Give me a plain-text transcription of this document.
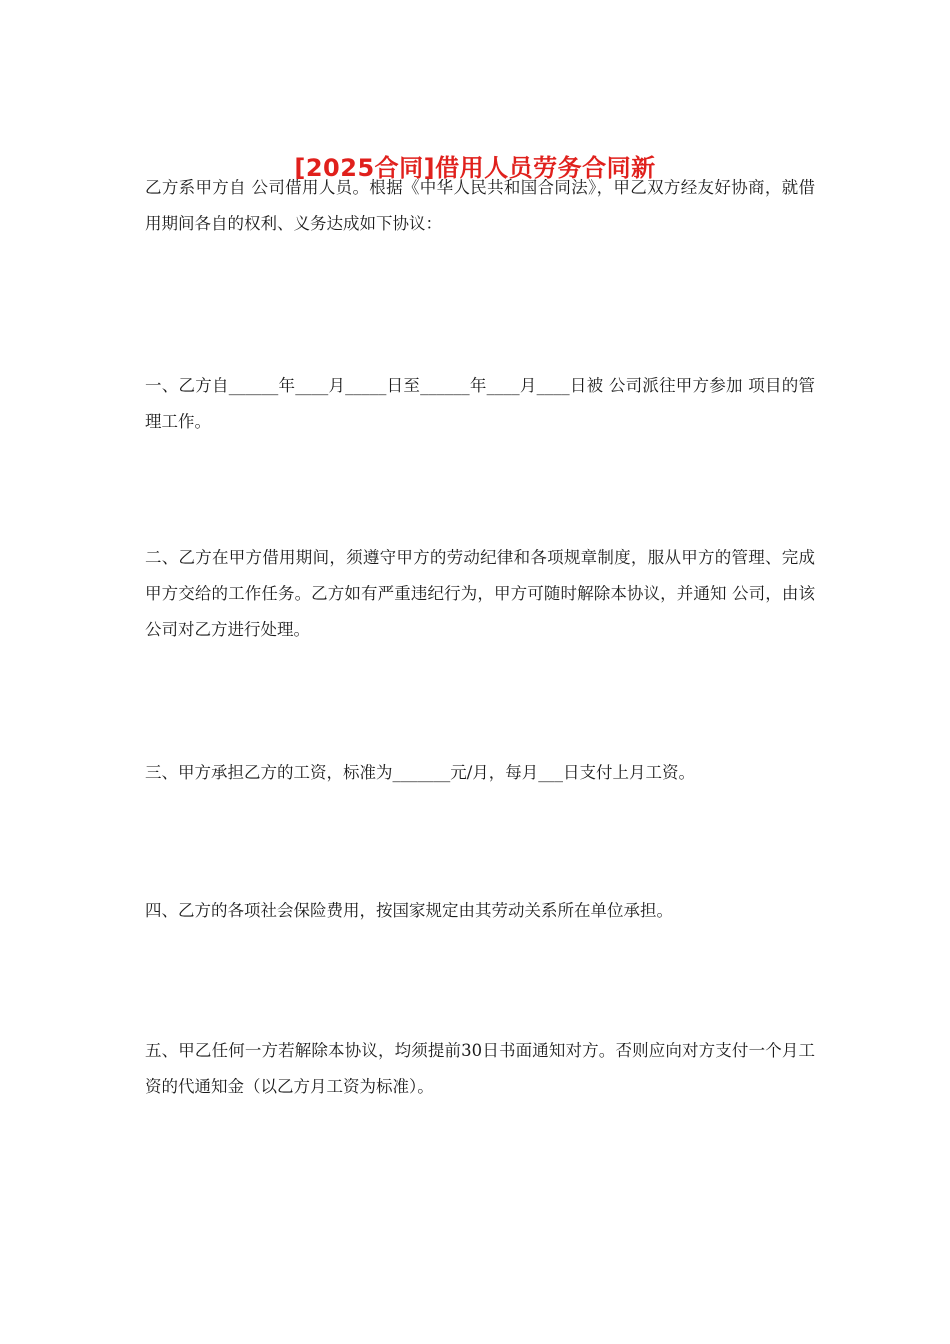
[2025合同]借用人员劳务合同新

乙方系甲方自 公司借用人员。根据《中华人民共和国合同法》，甲乙双方经友好协商，就借用期间各自的权利、义务达成如下协议：

一、乙方自______年____月_____日至______年____月____日被 公司派往甲方参加 项目的管理工作。

二、乙方在甲方借用期间，须遵守甲方的劳动纪律和各项规章制度，服从甲方的管理、完成甲方交给的工作任务。乙方如有严重违纪行为，甲方可随时解除本协议，并通知 公司，由该公司对乙方进行处理。

三、甲方承担乙方的工资，标准为_______元/月，每月___日支付上月工资。

四、乙方的各项社会保险费用，按国家规定由其劳动关系所在单位承担。

五、甲乙任何一方若解除本协议，均须提前30日书面通知对方。否则应向对方支付一个月工资的代通知金（以乙方月工资为标准）。
